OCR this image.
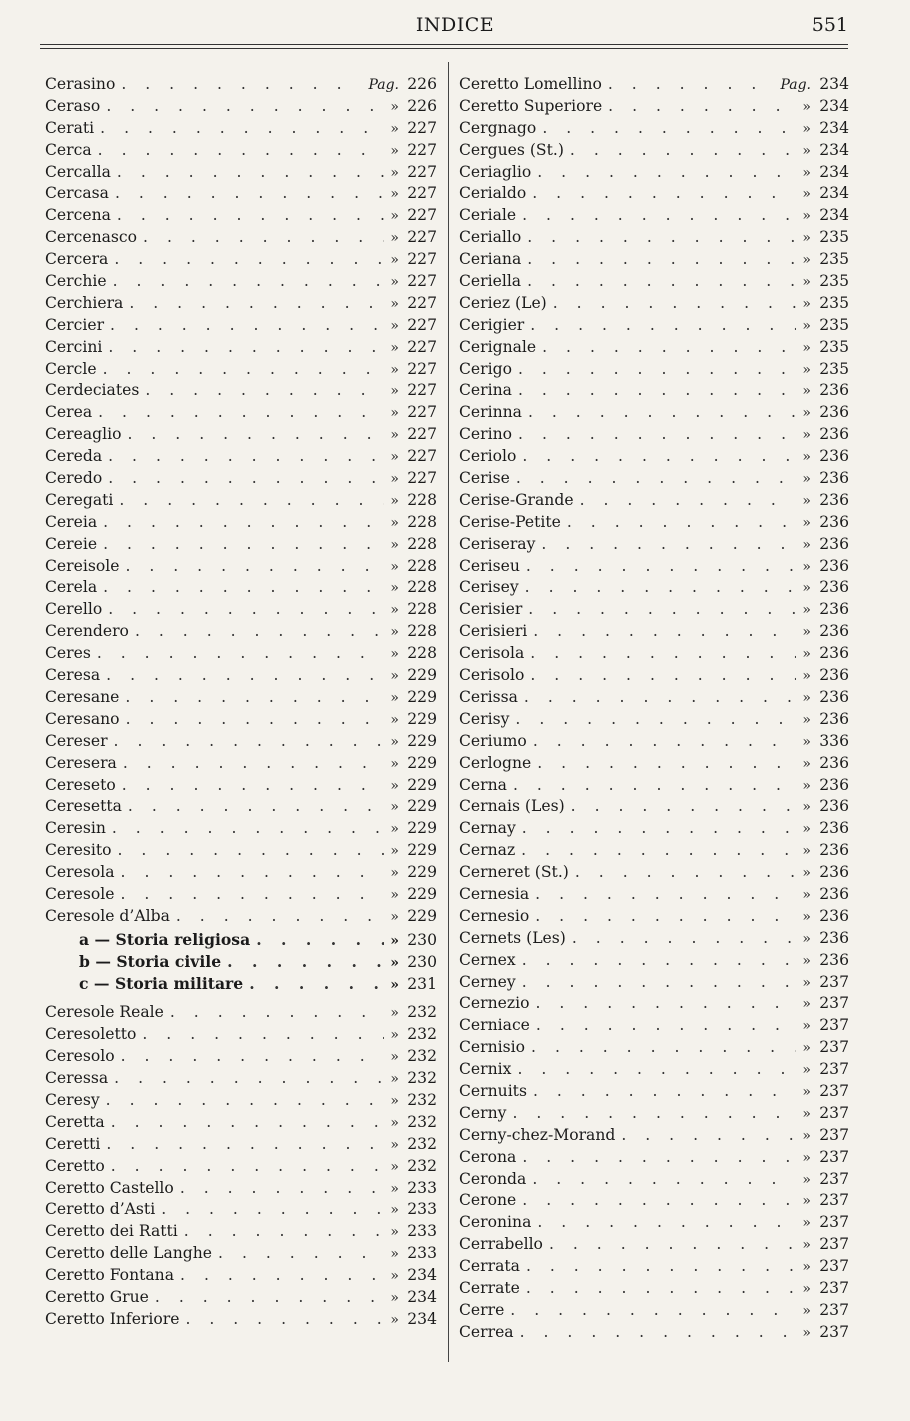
INDICE	551
Cerasino . . .	Pag. 226
Ceraso . . .	» 226
Cerati . . .	» 227
Cerca . . .	» 227
Cercalla . . .	» 227
Cercasa . . .	» 227
Cercena . . .	» 227
Cercenasco . . .	» 227
Cercera . . .	» 227
Cerchie . . .	» 227
Cerchiera . . .	» 227
Cercier . . .	» 227
Cercini . . .	» 227
Cercle . . .	» 227
Cerdeciates . . .	» 227
Cerea . . .	» 227
Cereaglio . . .	» 227
Cereda . . .	» 227
Ceredo . . .	» 227
Ceregati . . .	» 228
Cereia . . .	» 228
Cereie . . .	» 228
Cereisole . . .	» 228
Cerela . . .	» 228
Cerello . . .	» 228
Cerendero . . .	» 228
Ceres . . .	» 228
Ceresa . . .	» 229
Ceresane . . .	» 229
Ceresano . . .	» 229
Cereser . . .	» 229
Ceresera . . .	» 229
Cereseto . . .	» 229
Ceresetta . . .	» 229
Ceresin . . .	» 229
Ceresito . . .	» 229
Ceresola . . .	» 229
Ceresole . . .	» 229
Ceresole d’Alba . . .	» 229
a — Storia religiosa . . .	» 230
b — Storia civile . . .	» 230
c — Storia militare . . .	» 231
Ceresole Reale . . .	» 232
Ceresoletto . . .	» 232
Ceresolo . . .	» 232
Ceressa . . .	» 232
Ceresy . . .	» 232
Ceretta . . .	» 232
Ceretti . . .	» 232
Ceretto . . .	» 232
Ceretto Castello . . .	» 233
Ceretto d’Asti . . .	» 233
Ceretto dei Ratti . . .	» 233
Ceretto delle Langhe . . .	» 233
Ceretto Fontana . . .	» 234
Ceretto Grue . . .	» 234
Ceretto Inferiore . . .	» 234
Ceretto Lomellino . . .	Pag. 234
Ceretto Superiore . . .	» 234
Cergnago . . .	» 234
Cergues (St.) . . .	» 234
Ceriaglio . . .	» 234
Cerialdo . . .	» 234
Ceriale . . .	» 234
Ceriallo . . .	» 235
Ceriana . . .	» 235
Ceriella . . .	» 235
Ceriez (Le) . . .	» 235
Cerigier . . .	» 235
Cerignale . . .	» 235
Cerigo . . .	» 235
Cerina . . .	» 236
Cerinna . . .	» 236
Cerino . . .	» 236
Ceriolo . . .	» 236
Cerise . . .	» 236
Cerise-Grande . . .	» 236
Cerise-Petite . . .	» 236
Ceriseray . . .	» 236
Ceriseu . . .	» 236
Cerisey . . .	» 236
Cerisier . . .	» 236
Cerisieri . . .	» 236
Cerisola . . .	» 236
Cerisolo . . .	» 236
Cerissa . . .	» 236
Cerisy . . .	» 236
Ceriumo . . .	» 336
Cerlogne . . .	» 236
Cerna . . .	» 236
Cernais (Les) . . .	» 236
Cernay . . .	» 236
Cernaz . . .	» 236
Cerneret (St.) . . .	» 236
Cernesia . . .	» 236
Cernesio . . .	» 236
Cernets (Les) . . .	» 236
Cernex . . .	» 236
Cerney . . .	» 237
Cernezio . . .	» 237
Cerniace . . .	» 237
Cernisio . . .	» 237
Cernix . . .	» 237
Cernuits . . .	» 237
Cerny . . .	» 237
Cerny-chez-Morand . . .	» 237
Cerona . . .	» 237
Ceronda . . .	» 237
Cerone . . .	» 237
Ceronina . . .	» 237
Cerrabello . . .	» 237
Cerrata . . .	» 237
Cerrate . . .	» 237
Cerre . . .	» 237
Cerrea . . .	» 237
